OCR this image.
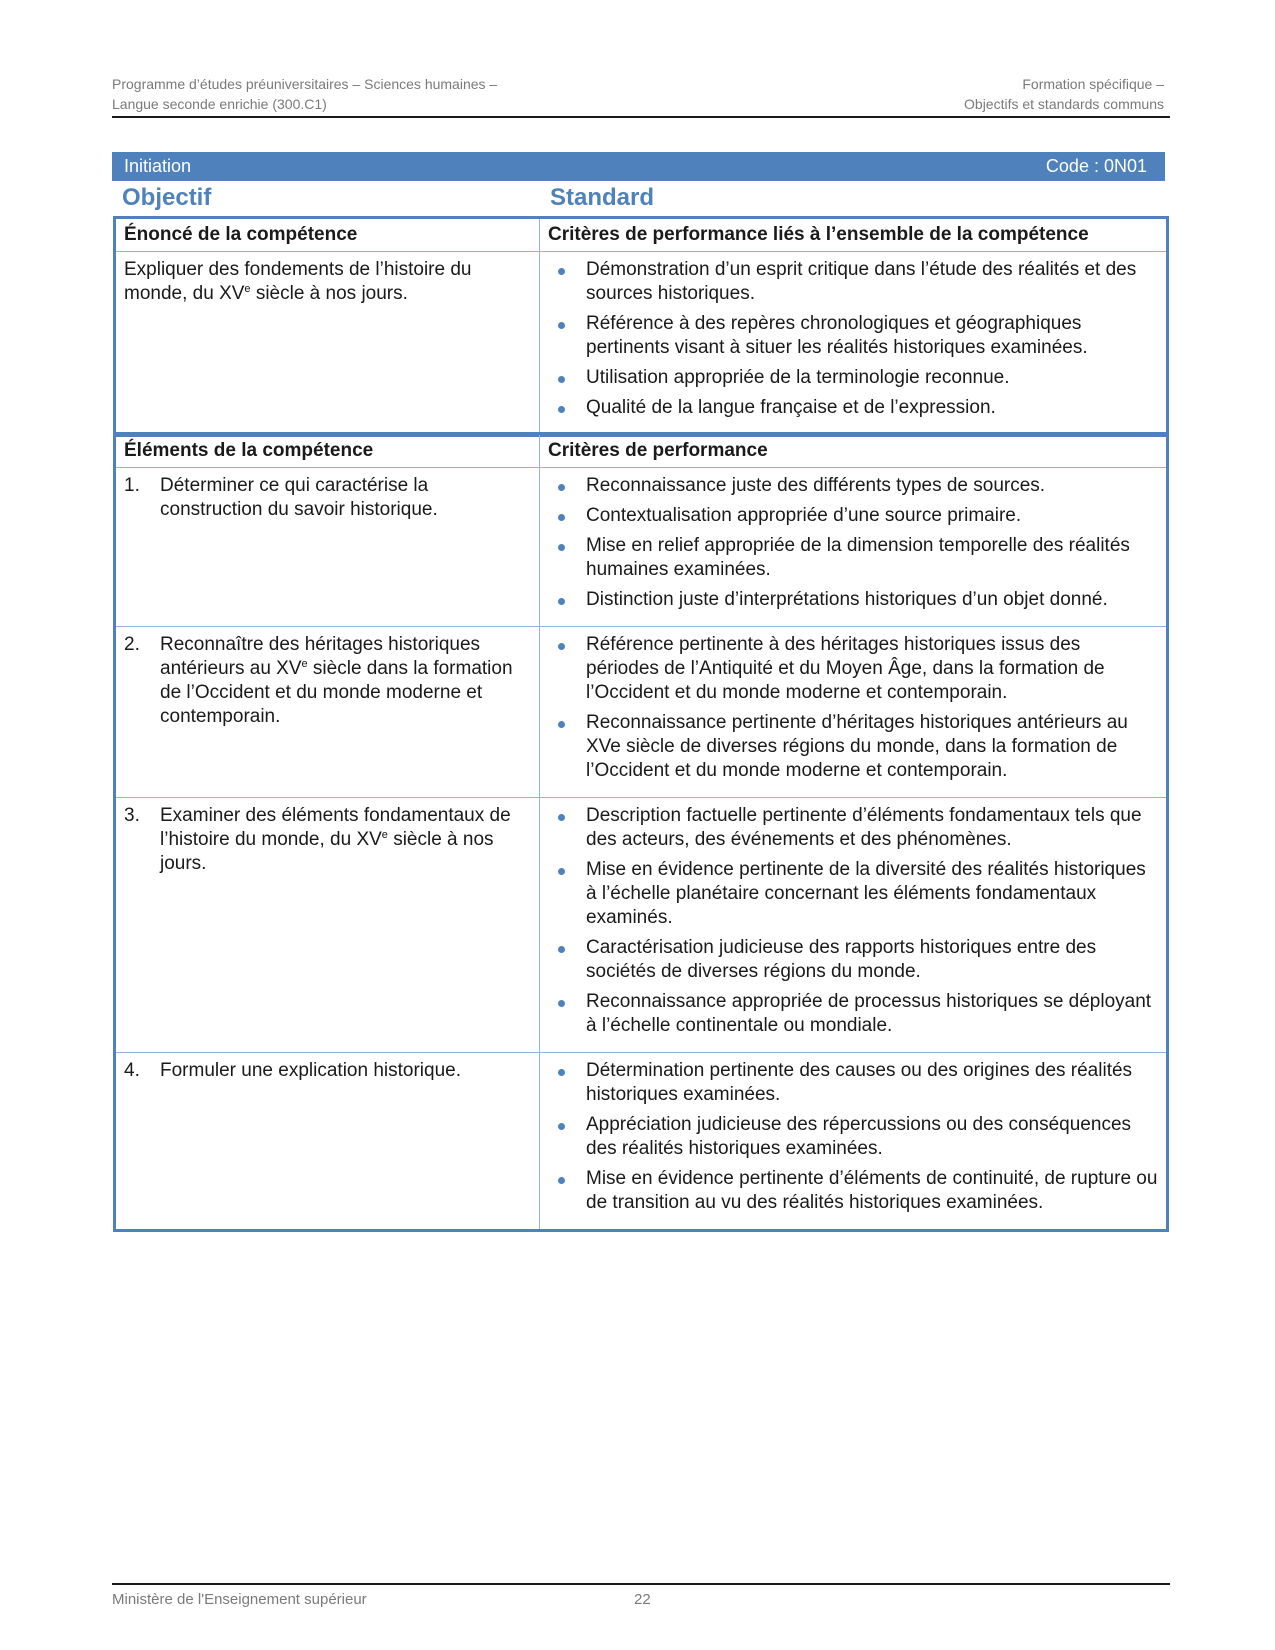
Programme d’études préuniversitaires – Sciences humaines –
Langue seconde enrichie (300.C1)
Formation spécifique –
Objectifs et standards communs
Initiation	Code : 0N01
Objectif	Standard
Énoncé de la compétence	Critères de performance liés à l’ensemble de la compétence

Expliquer des fondements de l’histoire du monde, du XVe siècle à nos jours.

Démonstration d’un esprit critique dans l’étude des réalités et des sources historiques.
Référence à des repères chronologiques et géographiques pertinents visant à situer les réalités historiques examinées.
Utilisation appropriée de la terminologie reconnue.
Qualité de la langue française et de l’expression.
Éléments de la compétence	Critères de performance

1. Déterminer ce qui caractérise la construction du savoir historique.

Reconnaissance juste des différents types de sources.
Contextualisation appropriée d’une source primaire.
Mise en relief appropriée de la dimension temporelle des réalités humaines examinées.
Distinction juste d’interprétations historiques d’un objet donné.

2. Reconnaître des héritages historiques antérieurs au XVe siècle dans la formation de l’Occident et du monde moderne et contemporain.

Référence pertinente à des héritages historiques issus des périodes de l’Antiquité et du Moyen Âge, dans la formation de l’Occident et du monde moderne et contemporain.
Reconnaissance pertinente d’héritages historiques antérieurs au XVe siècle de diverses régions du monde, dans la formation de l’Occident et du monde moderne et contemporain.

3. Examiner des éléments fondamentaux de l’histoire du monde, du XVe siècle à nos jours.

Description factuelle pertinente d’éléments fondamentaux tels que des acteurs, des événements et des phénomènes.
Mise en évidence pertinente de la diversité des réalités historiques à l’échelle planétaire concernant les éléments fondamentaux examinés.
Caractérisation judicieuse des rapports historiques entre des sociétés de diverses régions du monde.
Reconnaissance appropriée de processus historiques se déployant à l’échelle continentale ou mondiale.

4. Formuler une explication historique.	Détermination pertinente des causes ou des origines des réalités historiques examinées.
Appréciation judicieuse des répercussions ou des conséquences des réalités historiques examinées.
Mise en évidence pertinente d’éléments de continuité, de rupture ou de transition au vu des réalités historiques examinées.
Ministère de l'Enseignement supérieur	22
